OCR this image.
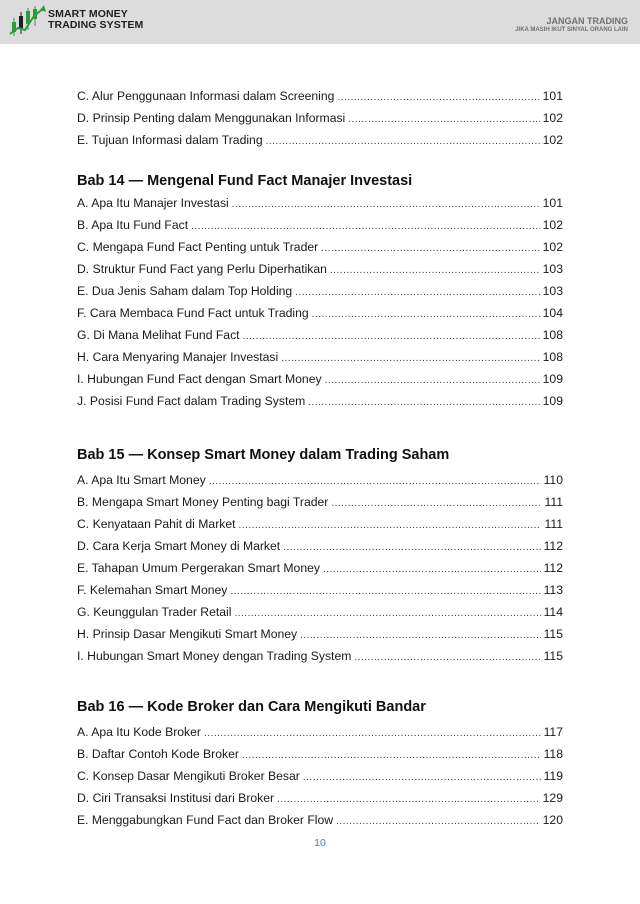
SMART MONEY
TRADING SYSTEM	JANGAN TRADING
JIKA MASIH IKUT SINYAL ORANG LAIN
C. Alur Penggunaan Informasi dalam Screening .....	101
D. Prinsip Penting dalam Menggunakan Informasi .....	102
E. Tujuan Informasi dalam Trading .....	102
Bab 14 — Mengenal Fund Fact Manajer Investasi
A. Apa Itu Manajer Investasi .....	101
B. Apa Itu Fund Fact .....	102
C. Mengapa Fund Fact Penting untuk Trader .....	102
D. Struktur Fund Fact yang Perlu Diperhatikan .....	103
E. Dua Jenis Saham dalam Top Holding .....	103
F. Cara Membaca Fund Fact untuk Trading .....	104
G. Di Mana Melihat Fund Fact .....	108
H. Cara Menyaring Manajer Investasi .....	108
I. Hubungan Fund Fact dengan Smart Money .....	109
J. Posisi Fund Fact dalam Trading System .....	109
Bab 15 — Konsep Smart Money dalam Trading Saham
A. Apa Itu Smart Money .....	110
B. Mengapa Smart Money Penting bagi Trader .....	111
C. Kenyataan Pahit di Market .....	111
D. Cara Kerja Smart Money di Market .....	112
E. Tahapan Umum Pergerakan Smart Money .....	112
F. Kelemahan Smart Money .....	113
G. Keunggulan Trader Retail .....	114
H. Prinsip Dasar Mengikuti Smart Money .....	115
I. Hubungan Smart Money dengan Trading System .....	115
Bab 16 — Kode Broker dan Cara Mengikuti Bandar
A. Apa Itu Kode Broker .....	117
B. Daftar Contoh Kode Broker .....	118
C. Konsep Dasar Mengikuti Broker Besar .....	119
D. Ciri Transaksi Institusi dari Broker .....	129
E. Menggabungkan Fund Fact dan Broker Flow .....	120
10
